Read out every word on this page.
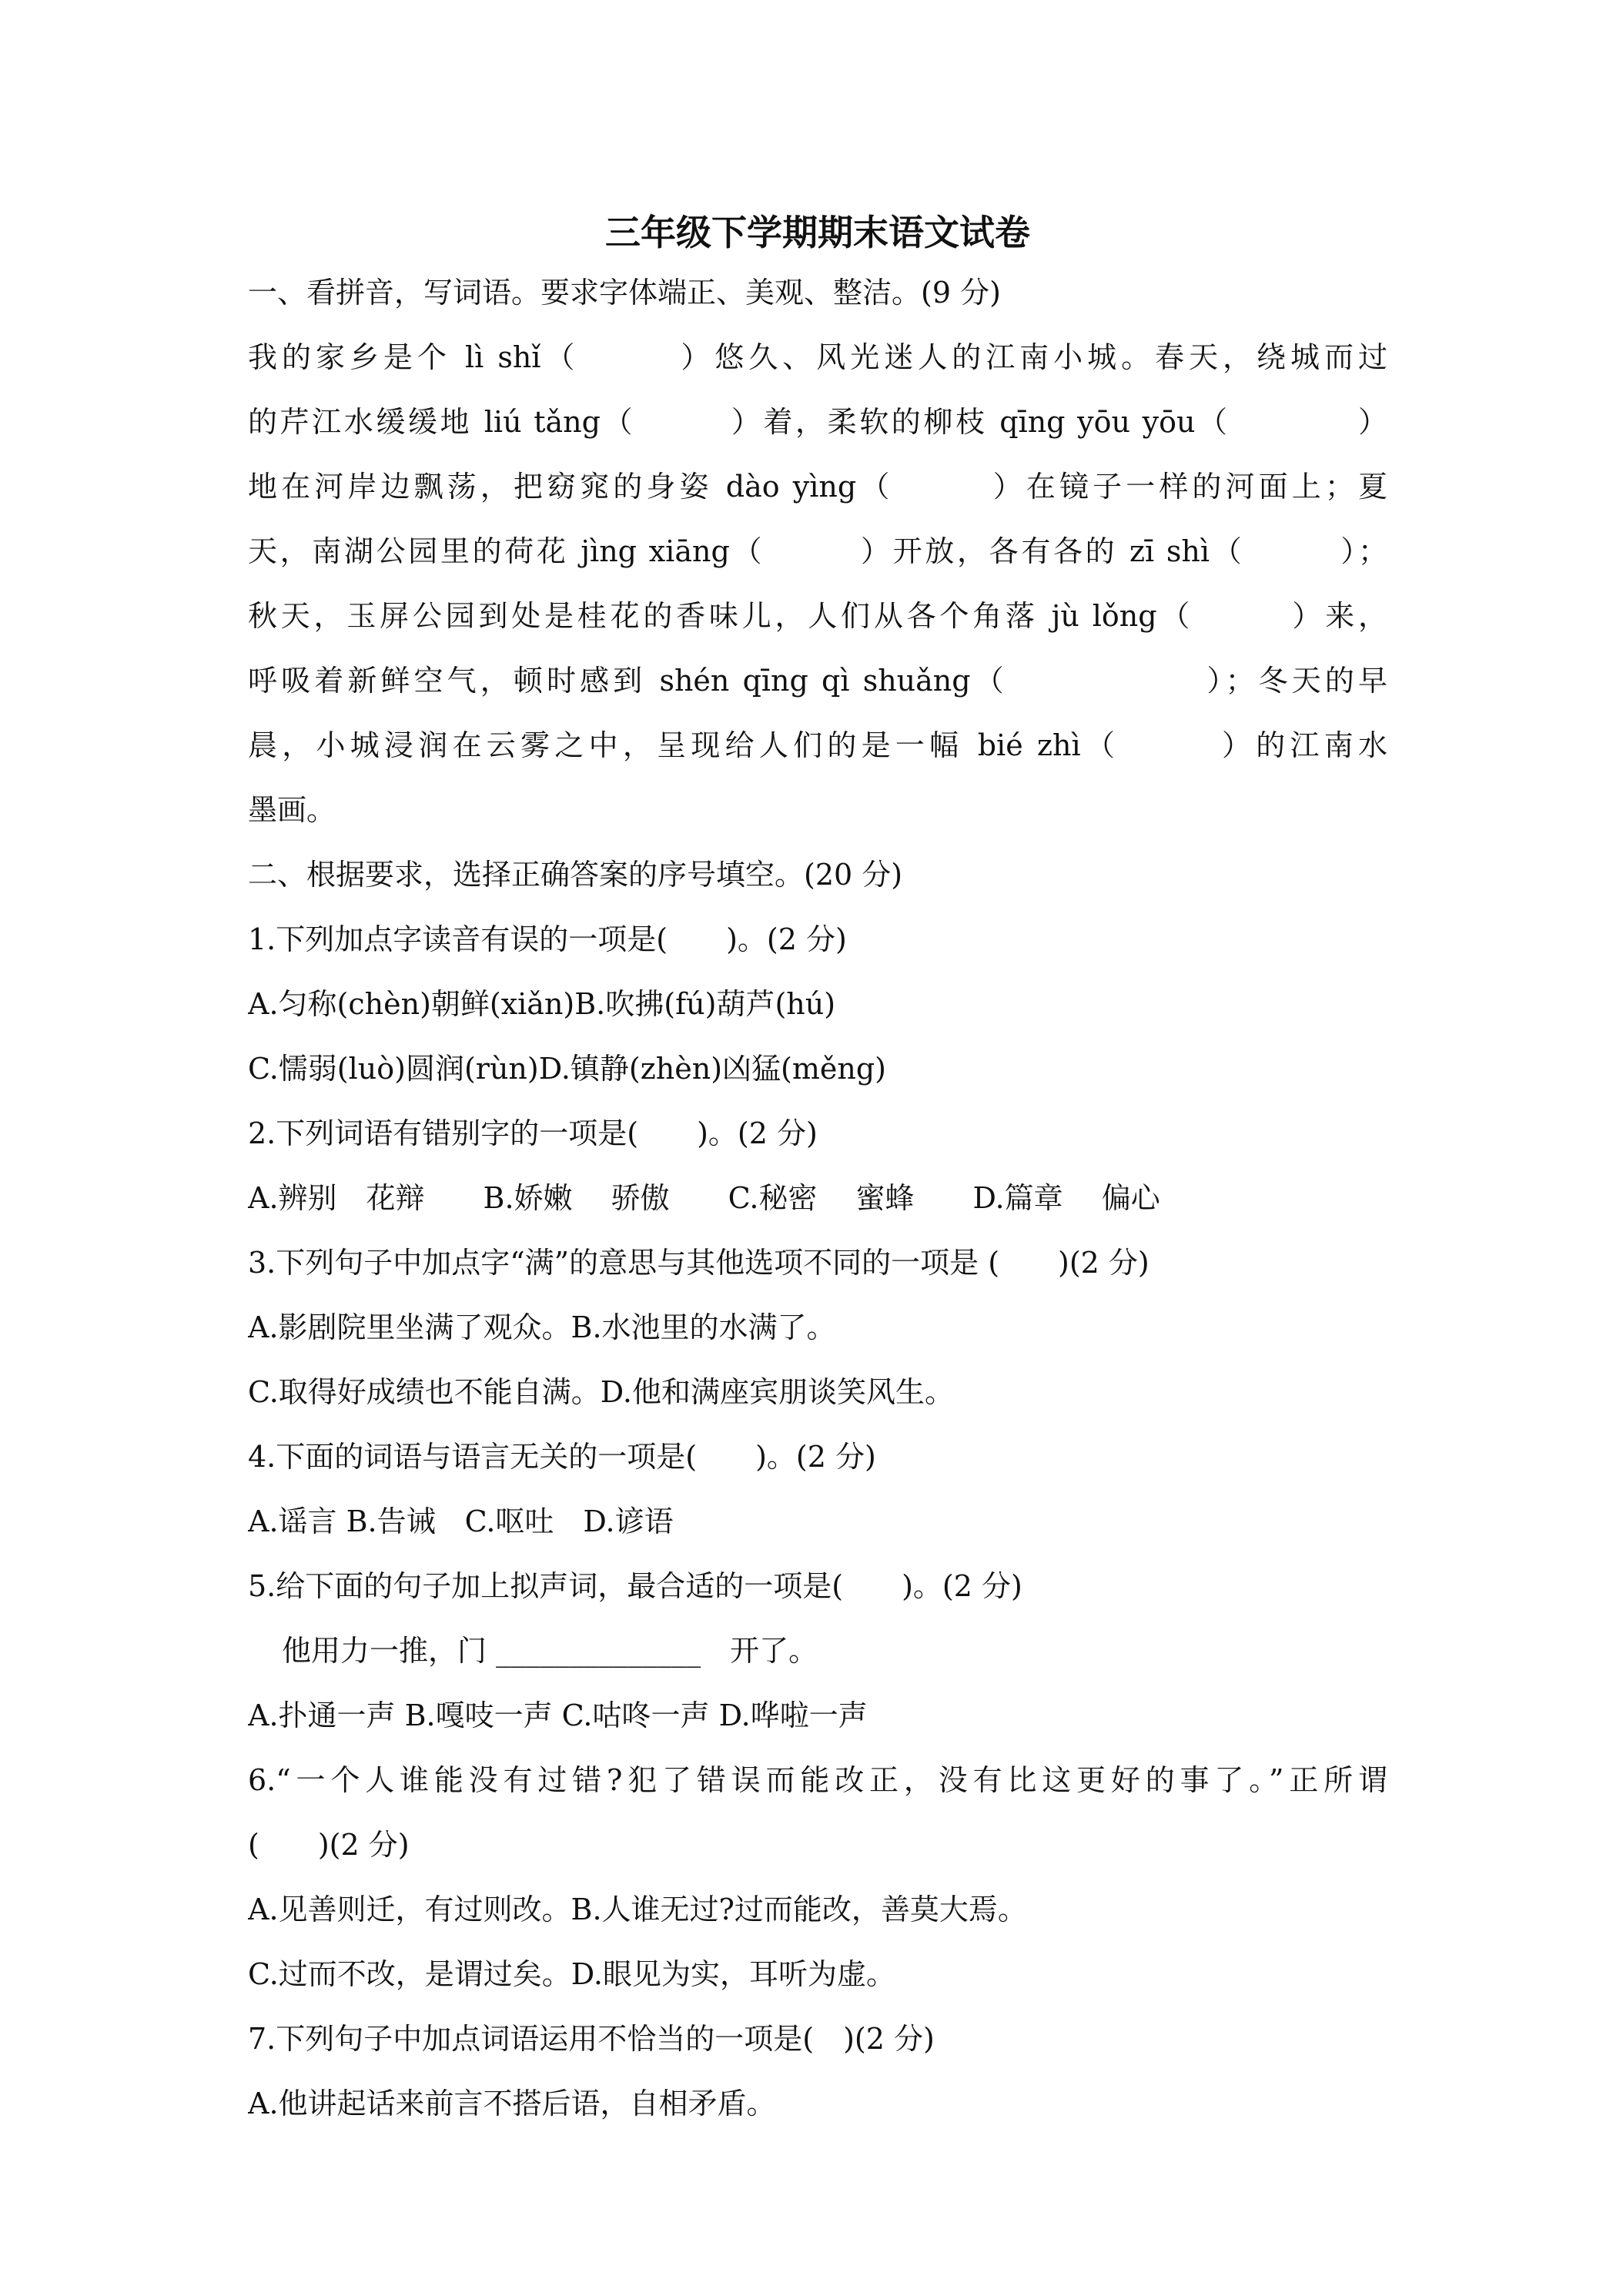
三年级下学期期末语文试卷
一、看拼音，写词语。要求字体端正、美观、整洁。(9 分)
我的家乡是个 lì shǐ（　　　）悠久、风光迷人的江南小城。春天，绕城而过
的芹江水缓缓地 liú tǎng（　　　）着，柔软的柳枝 qīng yōu yōu（　　　　）
地在河岸边飘荡，把窈窕的身姿 dào yìng（　　　）在镜子一样的河面上；夏
天，南湖公园里的荷花 jìng xiāng（　　　）开放，各有各的 zī shì（　　　）；
秋天，玉屏公园到处是桂花的香味儿，人们从各个角落 jù lǒng（　　　）来，
呼吸着新鲜空气，顿时感到 shén qīng qì shuǎng（　　　　　　）；冬天的早
晨，小城浸润在云雾之中，呈现给人们的是一幅 bié zhì（　　　）的江南水
墨画。
二、根据要求，选择正确答案的序号填空。(20 分)
1.下列加点字读音有误的一项是(　　)。(2 分)
A.匀称(chèn)朝鲜(xiǎn)B.吹拂(fú)葫芦(hú)
C.懦弱(luò)圆润(rùn)D.镇静(zhèn)凶猛(měng)
2.下列词语有错别字的一项是(　　)。(2 分)
A.辨别　花辩　　B.娇嫩　 骄傲　　C.秘密　 蜜蜂　　D.篇章　 偏心
3.下列句子中加点字“满”的意思与其他选项不同的一项是 (　　)(2 分)
A.影剧院里坐满了观众。B.水池里的水满了。
C.取得好成绩也不能自满。D.他和满座宾朋谈笑风生。
4.下面的词语与语言无关的一项是(　　)。(2 分)
A.谣言 B.告诫　C.呕吐　D.谚语
5.给下面的句子加上拟声词，最合适的一项是(　　)。(2 分)
他用力一推，门 ______________　开了。
A.扑通一声 B.嘎吱一声 C.咕咚一声 D.哗啦一声
6.“一个人谁能没有过错?犯了错误而能改正，没有比这更好的事了。”正所谓
(　　)(2 分)
A.见善则迁，有过则改。B.人谁无过?过而能改，善莫大焉。
C.过而不改，是谓过矣。D.眼见为实，耳听为虚。
7.下列句子中加点词语运用不恰当的一项是(　)(2 分)
A.他讲起话来前言不搭后语，自相矛盾。
